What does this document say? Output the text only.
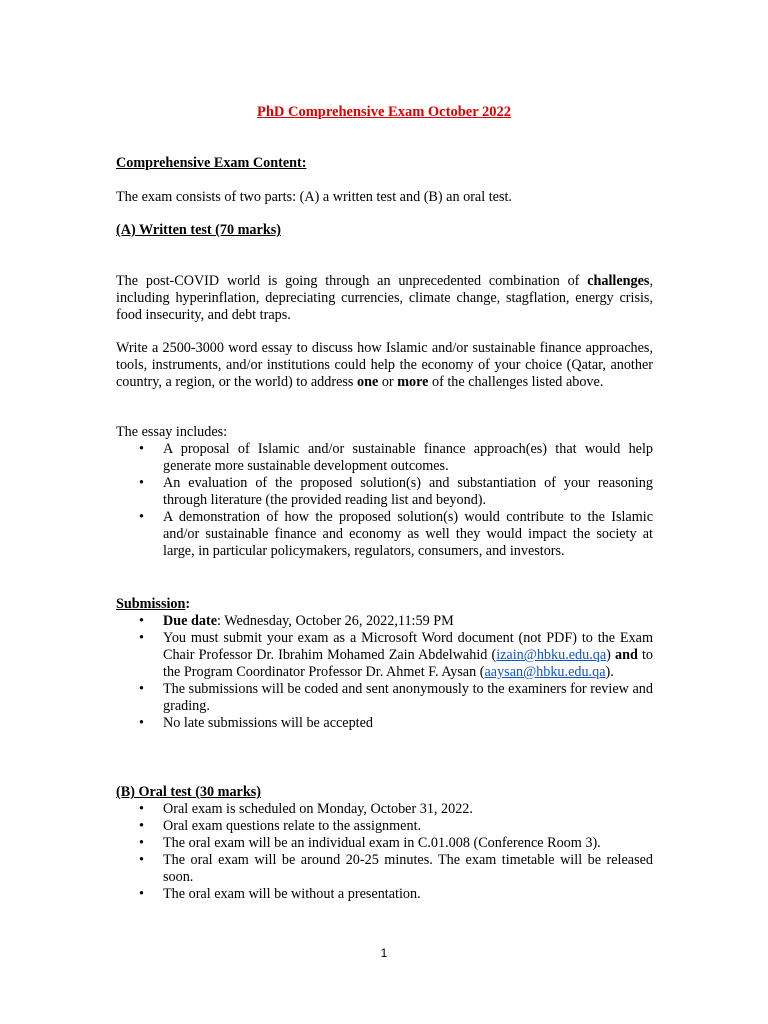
PhD Comprehensive Exam October 2022
Comprehensive Exam Content:
The exam consists of two parts: (A) a written test and (B) an oral test.
(A) Written test (70 marks)
The post-COVID world is going through an unprecedented combination of challenges, including hyperinflation, depreciating currencies, climate change, stagflation, energy crisis, food insecurity, and debt traps.
Write a 2500-3000 word essay to discuss how Islamic and/or sustainable finance approaches, tools, instruments, and/or institutions could help the economy of your choice (Qatar, another country, a region, or the world) to address one or more of the challenges listed above.
The essay includes:
• A proposal of Islamic and/or sustainable finance approach(es) that would help generate more sustainable development outcomes.
• An evaluation of the proposed solution(s) and substantiation of your reasoning through literature (the provided reading list and beyond).
• A demonstration of how the proposed solution(s) would contribute to the Islamic and/or sustainable finance and economy as well they would impact the society at large, in particular policymakers, regulators, consumers, and investors.
Submission:
• Due date: Wednesday, October 26, 2022,11:59 PM
• You must submit your exam as a Microsoft Word document (not PDF) to the Exam Chair Professor Dr. Ibrahim Mohamed Zain Abdelwahid (izain@hbku.edu.qa) and to the Program Coordinator Professor Dr. Ahmet F. Aysan (aaysan@hbku.edu.qa).
• The submissions will be coded and sent anonymously to the examiners for review and grading.
• No late submissions will be accepted
(B) Oral test (30 marks)
• Oral exam is scheduled on Monday, October 31, 2022.
• Oral exam questions relate to the assignment.
• The oral exam will be an individual exam in C.01.008 (Conference Room 3).
• The oral exam will be around 20-25 minutes. The exam timetable will be released soon.
• The oral exam will be without a presentation.
1
